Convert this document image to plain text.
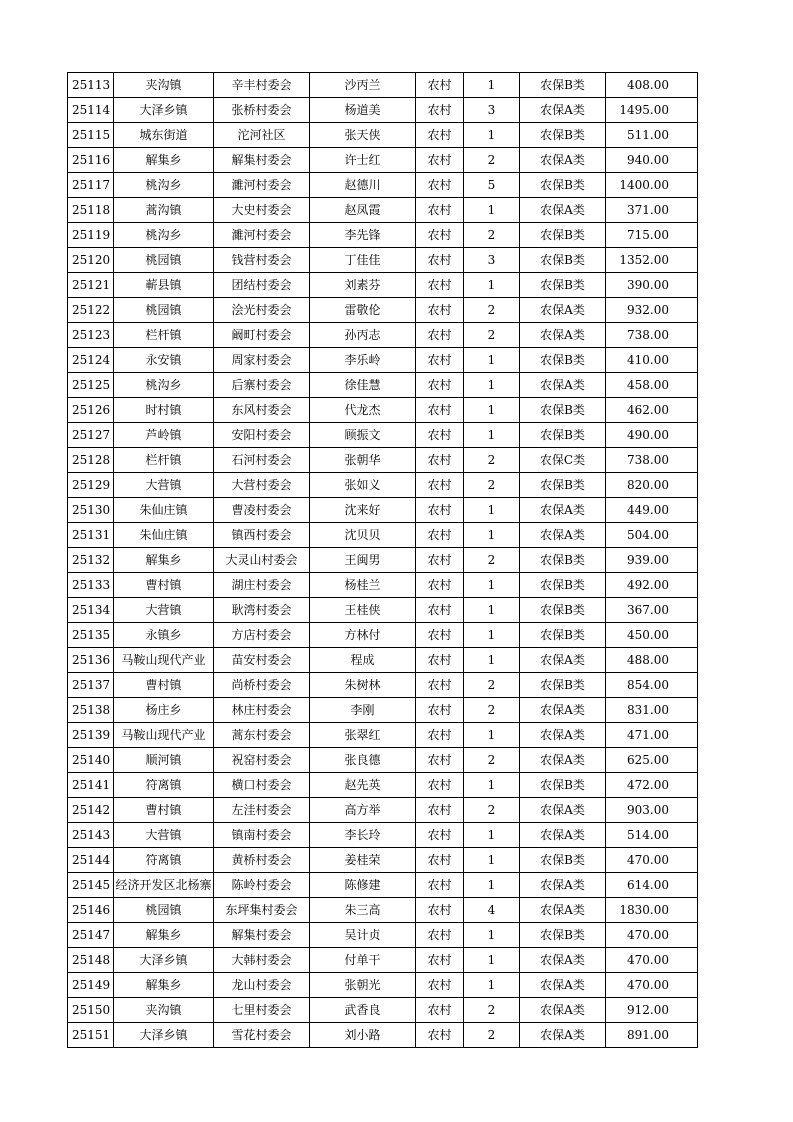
25113	夹沟镇	辛丰村委会	沙丙兰	农村	1	农保B类	408.00
25114	大泽乡镇	张桥村委会	杨道美	农村	3	农保A类	1495.00
25115	城东街道	沱河社区	张天侠	农村	1	农保B类	511.00
25116	解集乡	解集村委会	许士红	农村	2	农保A类	940.00
25117	桃沟乡	濉河村委会	赵德川	农村	5	农保B类	1400.00
25118	蒿沟镇	大史村委会	赵凤霞	农村	1	农保A类	371.00
25119	桃沟乡	濉河村委会	李先锋	农村	2	农保B类	715.00
25120	桃园镇	钱营村委会	丁佳佳	农村	3	农保B类	1352.00
25121	蕲县镇	团结村委会	刘素芬	农村	1	农保B类	390.00
25122	桃园镇	浍光村委会	雷敬伦	农村	2	农保A类	932.00
25123	栏杆镇	阚町村委会	孙丙志	农村	2	农保A类	738.00
25124	永安镇	周家村委会	李乐岭	农村	1	农保B类	410.00
25125	桃沟乡	后寨村委会	徐佳慧	农村	1	农保A类	458.00
25126	时村镇	东风村委会	代龙杰	农村	1	农保B类	462.00
25127	芦岭镇	安阳村委会	顾振文	农村	1	农保B类	490.00
25128	栏杆镇	石河村委会	张朝华	农村	2	农保C类	738.00
25129	大营镇	大营村委会	张如义	农村	2	农保B类	820.00
25130	朱仙庄镇	曹凌村委会	沈来好	农村	1	农保A类	449.00
25131	朱仙庄镇	镇西村委会	沈贝贝	农村	1	农保A类	504.00
25132	解集乡	大灵山村委会	王闽男	农村	2	农保B类	939.00
25133	曹村镇	湖庄村委会	杨桂兰	农村	1	农保B类	492.00
25134	大营镇	耿湾村委会	王桂侠	农村	1	农保B类	367.00
25135	永镇乡	方店村委会	方林付	农村	1	农保B类	450.00
25136	马鞍山现代产业	苗安村委会	程成	农村	1	农保A类	488.00
25137	曹村镇	尚桥村委会	朱树林	农村	2	农保B类	854.00
25138	杨庄乡	林庄村委会	李刚	农村	2	农保A类	831.00
25139	马鞍山现代产业	蒿东村委会	张翠红	农村	1	农保A类	471.00
25140	顺河镇	祝窑村委会	张良德	农村	2	农保A类	625.00
25141	符离镇	横口村委会	赵先英	农村	1	农保B类	472.00
25142	曹村镇	左洼村委会	高方举	农村	2	农保A类	903.00
25143	大营镇	镇南村委会	李长玲	农村	1	农保A类	514.00
25144	符离镇	黄桥村委会	姜桂荣	农村	1	农保B类	470.00
25145	经济开发区北杨寨	陈岭村委会	陈修建	农村	1	农保A类	614.00
25146	桃园镇	东坪集村委会	朱三高	农村	4	农保A类	1830.00
25147	解集乡	解集村委会	吴计贞	农村	1	农保B类	470.00
25148	大泽乡镇	大韩村委会	付单干	农村	1	农保A类	470.00
25149	解集乡	龙山村委会	张朝光	农村	1	农保A类	470.00
25150	夹沟镇	七里村委会	武香良	农村	2	农保A类	912.00
25151	大泽乡镇	雪花村委会	刘小路	农村	2	农保A类	891.00
